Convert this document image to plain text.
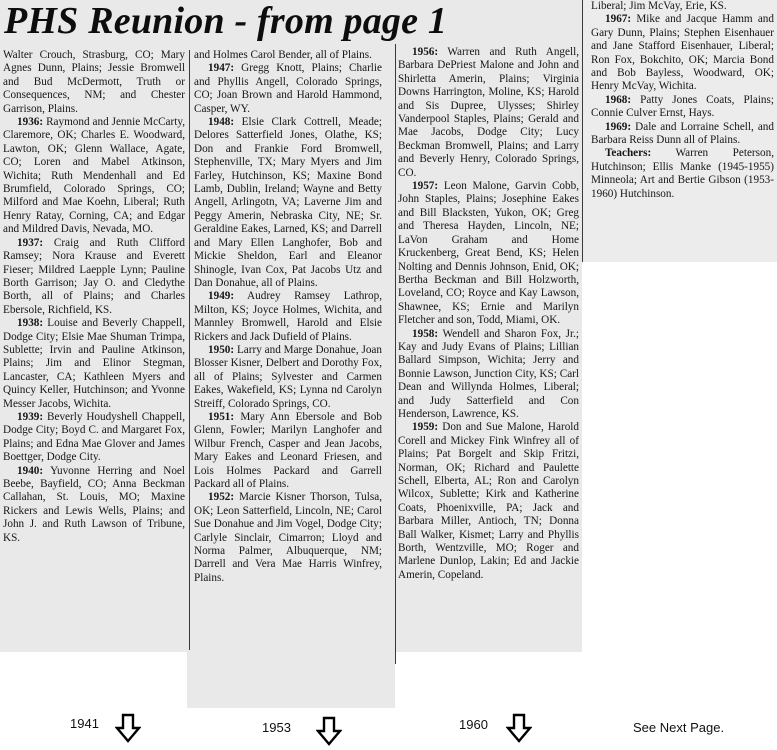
PHS Reunion - from page 1

Walter Crouch, Strasburg, CO; Mary Agnes Dunn, Plains; Jessie Bromwell and Bud McDermott, Truth or Consequences, NM; and Chester Garrison, Plains.

1936: Raymond and Jennie McCarty, Claremore, OK; Charles E. Woodward, Lawton, OK; Glenn Wallace, Agate, CO; Loren and Mabel Atkinson, Wichita; Ruth Mendenhall and Ed Brumfield, Colorado Springs, CO; Milford and Mae Koehn, Liberal; Ruth Henry Ratay, Corning, CA; and Edgar and Mildred Davis, Nevada, MO.

1937: Craig and Ruth Clifford Ramsey; Nora Krause and Everett Fieser; Mildred Laepple Lynn; Pauline Borth Garrison; Jay O. and Cledythe Borth, all of Plains; and Charles Ebersole, Richfield, KS.

1938: Louise and Beverly Chappell, Dodge City; Elsie Mae Shuman Trimpa, Sublette; Irvin and Pauline Atkinson, Plains; Jim and Elinor Stegman, Lancaster, CA; Kathleen Myers and Quincy Keller, Hutchinson; and Yvonne Messer Jacobs, Wichita.

1939: Beverly Houdyshell Chappell, Dodge City; Boyd C. and Margaret Fox, Plains; and Edna Mae Glover and James Boettger, Dodge City.

1940: Yuvonne Herring and Noel Beebe, Bayfield, CO; Anna Beckman Callahan, St. Louis, MO; Maxine Rickers and Lewis Wells, Plains; and John J. and Ruth Lawson of Tribune, KS.

and Holmes Carol Bender, all of Plains.

1947: Gregg Knott, Plains; Charlie and Phyllis Angell, Colorado Springs, CO; Joan Brown and Harold Hammond, Casper, WY.

1948: Elsie Clark Cottrell, Meade; Delores Satterfield Jones, Olathe, KS; Don and Frankie Ford Bromwell, Stephenville, TX; Mary Myers and Jim Farley, Hutchinson, KS; Maxine Bond Lamb, Dublin, Ireland; Wayne and Betty Angell, Arlingotn, VA; Laverne Jim and Peggy Amerin, Nebraska City, NE; Sr. Geraldine Eakes, Larned, KS; and Darrell and Mary Ellen Langhofer, Bob and Mickie Sheldon, Earl and Eleanor Shinogle, Ivan Cox, Pat Jacobs Utz and Dan Donahue, all of Plains.

1949: Audrey Ramsey Lathrop, Milton, KS; Joyce Holmes, Wichita, and Mannley Bromwell, Harold and Elsie Rickers and Jack Dufield of Plains.

1950: Larry and Marge Donahue, Joan Blosser Kisner, Delbert and Dorothy Fox, all of Plains; Sylvester and Carmen Eakes, Wakefield, KS; Lynna nd Carolyn Streiff, Colorado Springs, CO.

1951: Mary Ann Ebersole and Bob Glenn, Fowler; Marilyn Langhofer and Wilbur French, Casper and Jean Jacobs, Mary Eakes and Leonard Friesen, and Lois Holmes Packard and Garrell Packard all of Plains.

1952: Marcie Kisner Thorson, Tulsa, OK; Leon Satterfield, Lincoln, NE; Carol Sue Donahue and Jim Vogel, Dodge City; Carlyle Sinclair, Cimarron; Lloyd and Norma Palmer, Albuquerque, NM; Darrell and Vera Mae Harris Winfrey, Plains.

1956: Warren and Ruth Angell, Barbara DePriest Malone and John and Shirletta Amerin, Plains; Virginia Downs Harrington, Moline, KS; Harold and Sis Dupree, Ulysses; Shirley Vanderpool Staples, Plains; Gerald and Mae Jacobs, Dodge City; Lucy Beckman Bromwell, Plains; and Larry and Beverly Henry, Colorado Springs, CO.

1957: Leon Malone, Garvin Cobb, John Staples, Plains; Josephine Eakes and Bill Blacksten, Yukon, OK; Greg and Theresa Hayden, Lincoln, NE; LaVon Graham and Home Kruckenberg, Great Bend, KS; Helen Nolting and Dennis Johnson, Enid, OK; Bertha Beckman and Bill Holzworth, Loveland, CO; Royce and Kay Lawson, Shawnee, KS; Ernie and Marilyn Fletcher and son, Todd, Miami, OK.

1958: Wendell and Sharon Fox, Jr.; Kay and Judy Evans of Plains; Lillian Ballard Simpson, Wichita; Jerry and Bonnie Lawson, Junction City, KS; Carl Dean and Willynda Holmes, Liberal; and Judy Satterfield and Con Henderson, Lawrence, KS.

1959: Don and Sue Malone, Harold Corell and Mickey Fink Winfrey all of Plains; Pat Borgelt and Skip Fritzi, Norman, OK; Richard and Paulette Schell, Elberta, AL; Ron and Carolyn Wilcox, Sublette; Kirk and Katherine Coats, Phoenixville, PA; Jack and Barbara Miller, Antioch, TN; Donna Ball Walker, Kismet; Larry and Phyllis Borth, Wentzville, MO; Roger and Marlene Dunlop, Lakin; Ed and Jackie Amerin, Copeland.

Liberal; Jim McVay, Erie, KS.

1967: Mike and Jacque Hamm and Gary Dunn, Plains; Stephen Eisenhauer and Jane Stafford Eisenhauer, Liberal; Ron Fox, Bokchito, OK; Marcia Bond and Bob Bayless, Woodward, OK; Henry McVay, Wichita.

1968: Patty Jones Coats, Plains; Connie Culver Ernst, Hays.

1969: Dale and Lorraine Schell, and Barbara Reiss Dunn all of Plains.

Teachers: Warren Peterson, Hutchinson; Ellis Manke (1945-1955) Minneola; Art and Bertie Gibson (1953-1960) Hutchinson.

1941	1953	1960	See Next Page.
